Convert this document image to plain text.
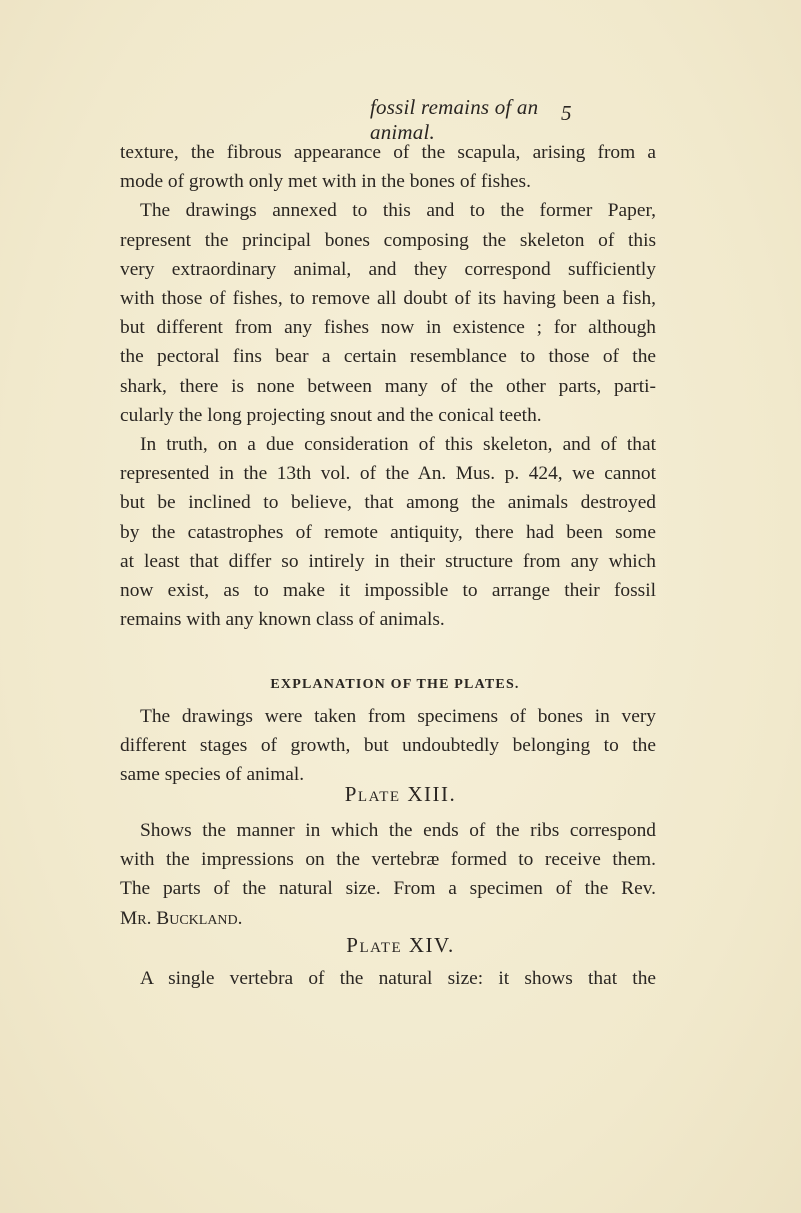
fossil remains of an animal.
5
texture, the fibrous appearance of the scapula, arising from a
mode of growth only met with in the bones of fishes.
The drawings annexed to this and to the former Paper,
represent the principal bones composing the skeleton of this
very extraordinary animal, and they correspond sufficiently
with those of fishes, to remove all doubt of its having been a fish,
but different from any fishes now in existence ; for although
the pectoral fins bear a certain resemblance to those of the
shark, there is none between many of the other parts, parti-
cularly the long projecting snout and the conical teeth.
In truth, on a due consideration of this skeleton, and of that
represented in the 13th vol. of the An. Mus. p. 424, we cannot
but be inclined to believe, that among the animals destroyed
by the catastrophes of remote antiquity, there had been some
at least that differ so intirely in their structure from any which
now exist, as to make it impossible to arrange their fossil
remains with any known class of animals.
EXPLANATION OF THE PLATES.
The drawings were taken from specimens of bones in very
different stages of growth, but undoubtedly belonging to the
same species of animal.
Plate XIII.
Shows the manner in which the ends of the ribs correspond
with the impressions on the vertebræ formed to receive them.
The parts of the natural size. From a specimen of the Rev.
Mr. Buckland.
Plate XIV.
A single vertebra of the natural size: it shows that the
